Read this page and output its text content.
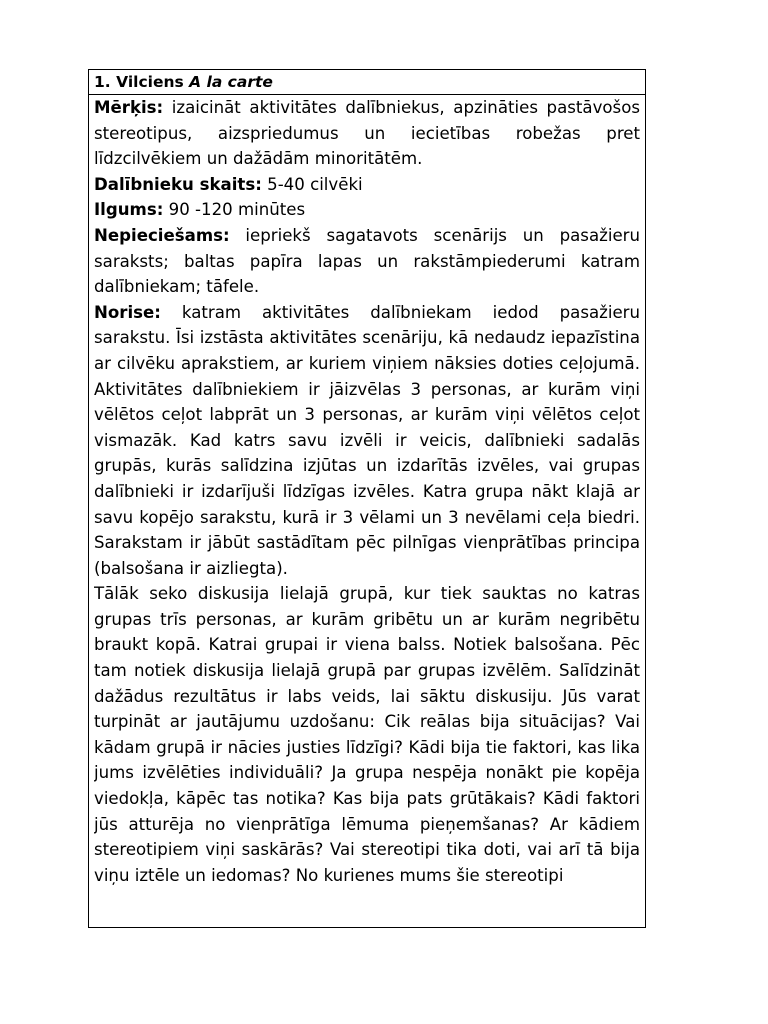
1. Vilciens A la carte

Mērķis: izaicināt aktivitātes dalībniekus, apzināties pastāvošos stereotipus, aizspriedumus un iecietības robežas pret līdzcilvēkiem un dažādām minoritātēm.

Dalībnieku skaits: 5-40 cilvēki

Ilgums: 90 -120 minūtes

Nepieciešams: iepriekš sagatavots scenārijs un pasažieru saraksts; baltas papīra lapas un rakstāmpiederumi katram dalībniekam; tāfele.

Norise: katram aktivitātes dalībniekam iedod pasažieru sarakstu. Īsi izstāsta aktivitātes scenāriju, kā nedaudz iepazīstina ar cilvēku aprakstiem, ar kuriem viņiem nāksies doties ceļojumā. Aktivitātes dalībniekiem ir jāizvēlas 3 personas, ar kurām viņi vēlētos ceļot labprāt un 3 personas, ar kurām viņi vēlētos ceļot vismazāk. Kad katrs savu izvēli ir veicis, dalībnieki sadalās grupās, kurās salīdzina izjūtas un izdarītās izvēles, vai grupas dalībnieki ir izdarījuši līdzīgas izvēles. Katra grupa nākt klajā ar savu kopējo sarakstu, kurā ir 3 vēlami un 3 nevēlami ceļa biedri. Sarakstam ir jābūt sastādītam pēc pilnīgas vienprātības principa (balsošana ir aizliegta).

Tālāk seko diskusija lielajā grupā, kur tiek sauktas no katras grupas trīs personas, ar kurām gribētu un ar kurām negribētu braukt kopā. Katrai grupai ir viena balss. Notiek balsošana. Pēc tam notiek diskusija lielajā grupā par grupas izvēlēm. Salīdzināt dažādus rezultātus ir labs veids, lai sāktu diskusiju. Jūs varat turpināt ar jautājumu uzdošanu: Cik reālas bija situācijas? Vai kādam grupā ir nācies justies līdzīgi? Kādi bija tie faktori, kas lika jums izvēlēties individuāli? Ja grupa nespēja nonākt pie kopēja viedokļa, kāpēc tas notika? Kas bija pats grūtākais? Kādi faktori jūs atturēja no vienprātīga lēmuma pieņemšanas? Ar kādiem stereotipiem viņi saskārās? Vai stereotipi tika doti, vai arī tā bija viņu iztēle un iedomas? No kurienes mums šie stereotipi
